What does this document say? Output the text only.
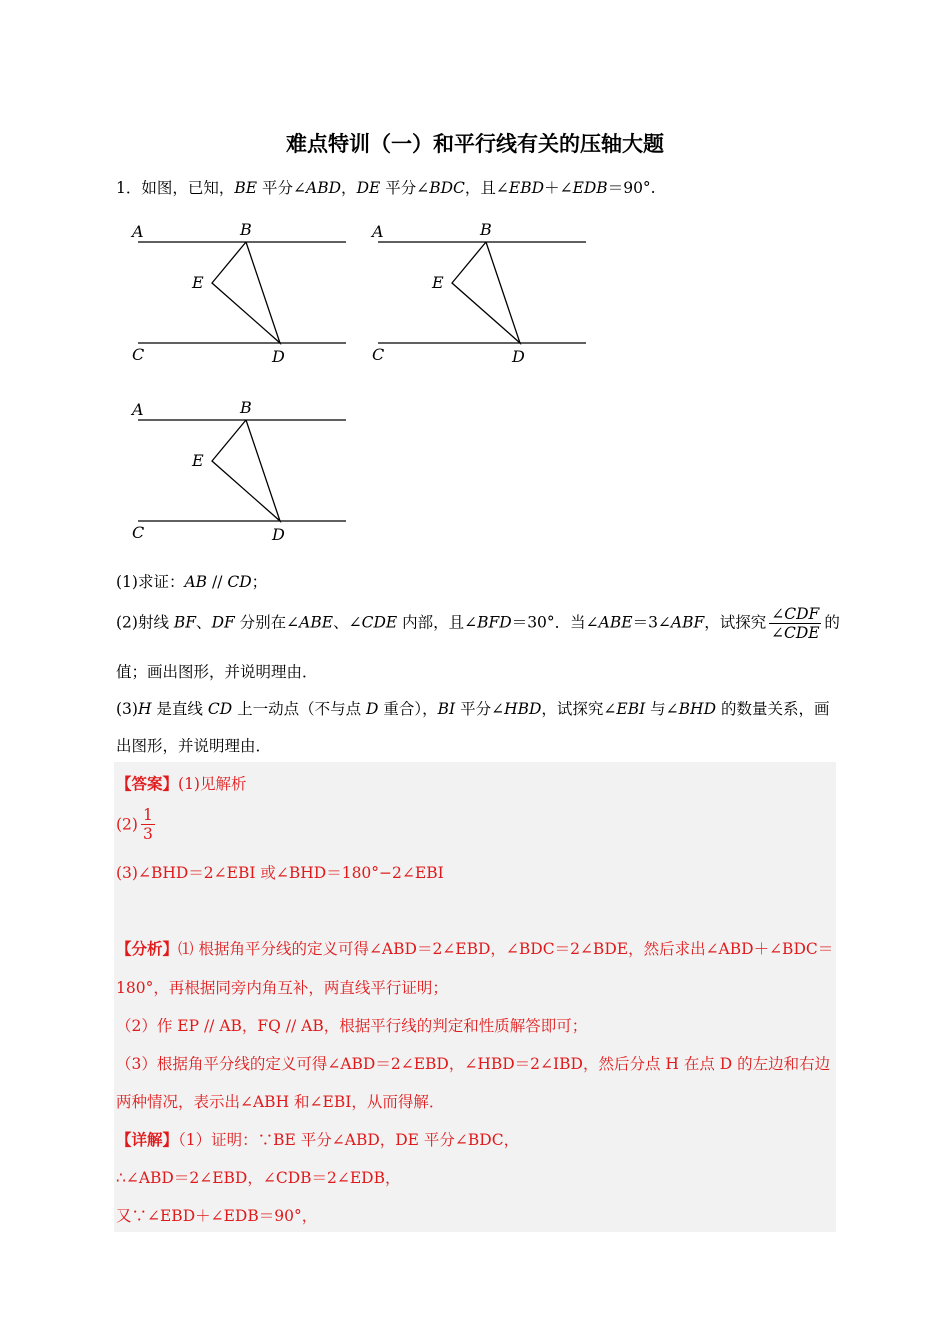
难点特训（一）和平行线有关的压轴大题
1．如图，已知，BE 平分∠ABD，DE 平分∠BDC，且∠EBD＋∠EDB＝90°.
A	B
E
C	D
A	B
E
C	D
A	B
E
C	D
(1)求证：AB // CD；
(2)射线 BF、DF 分别在∠ABE、∠CDE 内部，且∠BFD＝30°．当∠ABE＝3∠ABF，试探究 $\frac{\text{∠CDF}}{\text{∠CDE}}$ 的
值；画出图形，并说明理由．
(3)H 是直线 CD 上一动点（不与点 D 重合），BI 平分∠HBD，试探究∠EBI 与∠BHD 的数量关系，画
出图形，并说明理由．
【答案】(1)见解析
$(2) \frac{1}{3}$
(3)∠BHD＝2∠EBI 或∠BHD＝180°−2∠EBI
【分析】⑴ 根据角平分线的定义可得∠ABD＝2∠EBD，∠BDC＝2∠BDE，然后求出∠ABD＋∠BDC＝
180°，再根据同旁内角互补，两直线平行证明；
（2）作 EP // AB，FQ // AB，根据平行线的判定和性质解答即可；
（3）根据角平分线的定义可得∠ABD＝2∠EBD，∠HBD＝2∠IBD，然后分点 H 在点 D 的左边和右边
两种情况，表示出∠ABH 和∠EBI，从而得解．
【详解】（1）证明：∵BE 平分∠ABD，DE 平分∠BDC，
∴∠ABD＝2∠EBD，∠CDB＝2∠EDB，
又∵∠EBD＋∠EDB＝90°，
